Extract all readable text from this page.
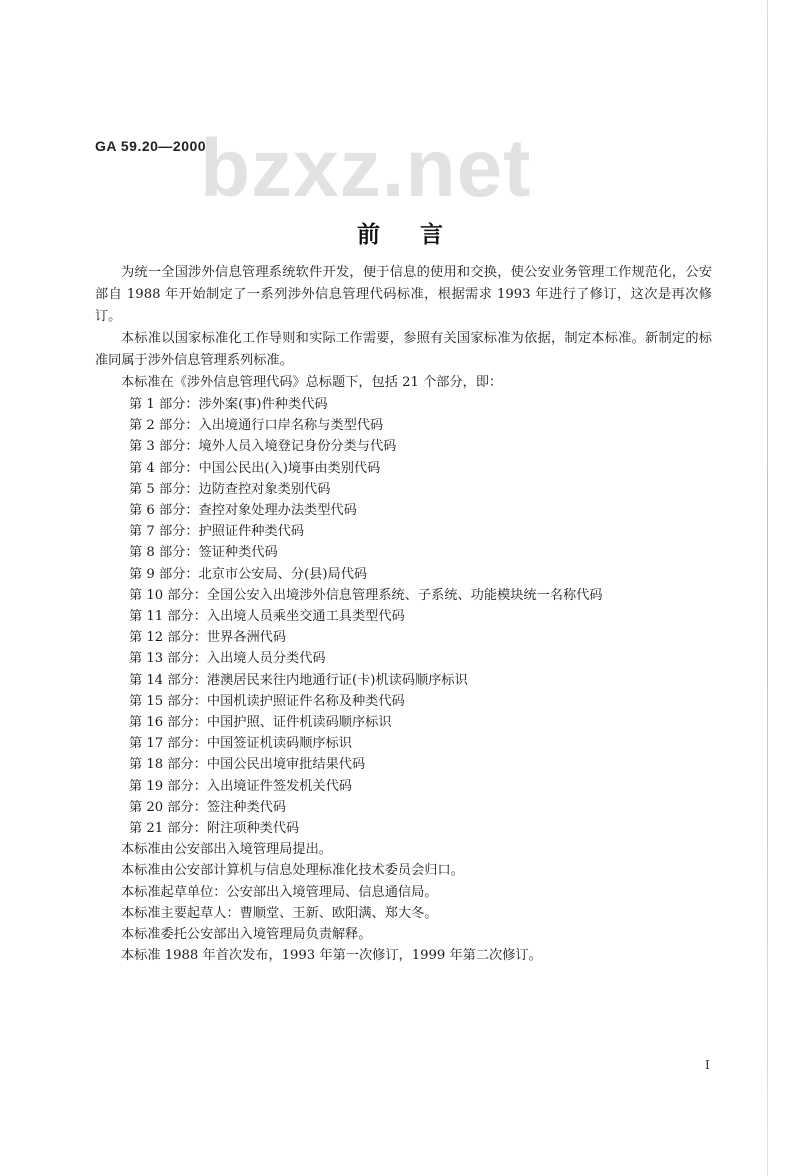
GA 59.20—2000
bzxz.net
前言

为统一全国涉外信息管理系统软件开发，便于信息的使用和交换，使公安业务管理工作规范化，公安部自 1988 年开始制定了一系列涉外信息管理代码标准，根据需求 1993 年进行了修订，这次是再次修订。

本标准以国家标准化工作导则和实际工作需要，参照有关国家标准为依据，制定本标准。新制定的标准同属于涉外信息管理系列标准。

本标准在《涉外信息管理代码》总标题下，包括 21 个部分，即：

第 1 部分：涉外案(事)件种类代码
第 2 部分：入出境通行口岸名称与类型代码
第 3 部分：境外人员入境登记身份分类与代码
第 4 部分：中国公民出(入)境事由类别代码
第 5 部分：边防查控对象类别代码
第 6 部分：查控对象处理办法类型代码
第 7 部分：护照证件种类代码
第 8 部分：签证种类代码
第 9 部分：北京市公安局、分(县)局代码
第 10 部分：全国公安入出境涉外信息管理系统、子系统、功能模块统一名称代码
第 11 部分：入出境人员乘坐交通工具类型代码
第 12 部分：世界各洲代码
第 13 部分：入出境人员分类代码
第 14 部分：港澳居民来往内地通行证(卡)机读码顺序标识
第 15 部分：中国机读护照证件名称及种类代码
第 16 部分：中国护照、证件机读码顺序标识
第 17 部分：中国签证机读码顺序标识
第 18 部分：中国公民出境审批结果代码
第 19 部分：入出境证件签发机关代码
第 20 部分：签注种类代码
第 21 部分：附注项种类代码

本标准由公安部出入境管理局提出。

本标准由公安部计算机与信息处理标准化技术委员会归口。

本标准起草单位：公安部出入境管理局、信息通信局。

本标准主要起草人：曹顺堂、王新、欧阳满、郑大冬。

本标准委托公安部出入境管理局负责解释。

本标准 1988 年首次发布，1993 年第一次修订，1999 年第二次修订。

I
